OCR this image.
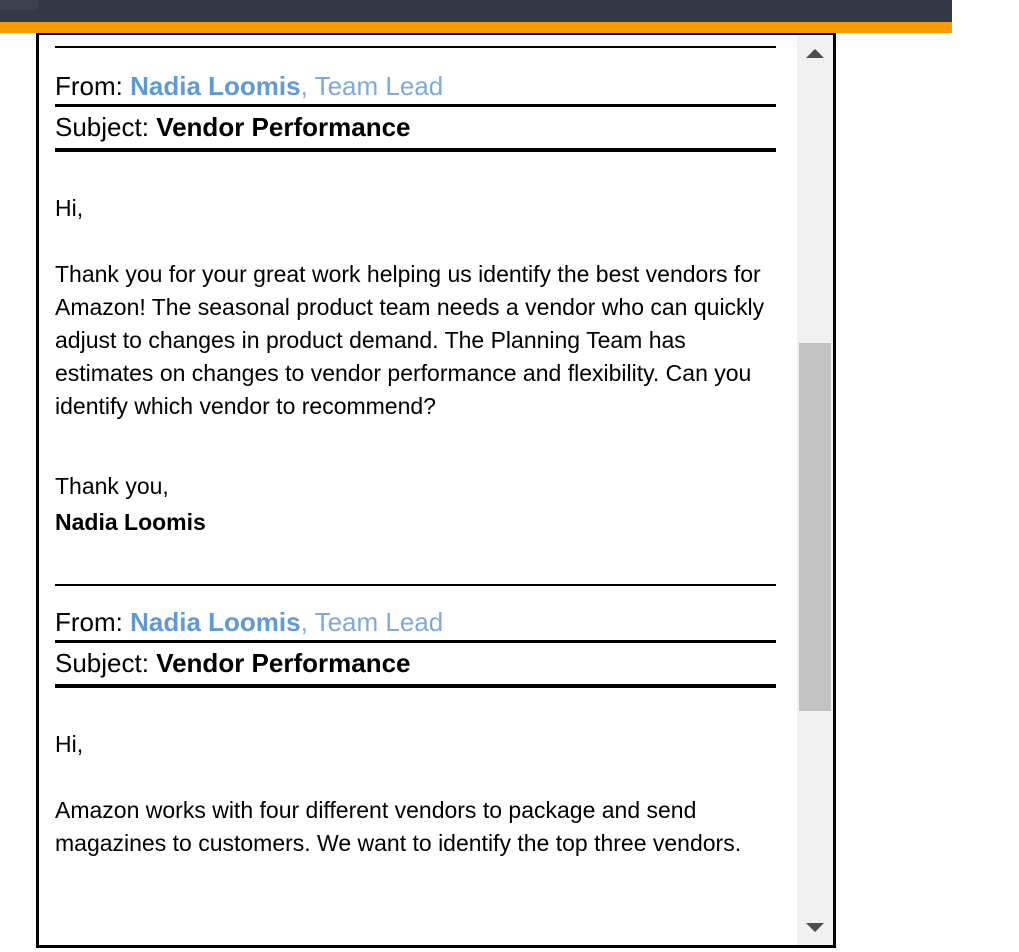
From: Nadia Loomis, Team Lead
Subject: Vendor Performance
Hi,
Thank you for your great work helping us identify the best vendors for Amazon! The seasonal product team needs a vendor who can quickly adjust to changes in product demand. The Planning Team has estimates on changes to vendor performance and flexibility. Can you identify which vendor to recommend?
Thank you,
Nadia Loomis
From: Nadia Loomis, Team Lead
Subject: Vendor Performance
Hi,
Amazon works with four different vendors to package and send magazines to customers. We want to identify the top three vendors.
